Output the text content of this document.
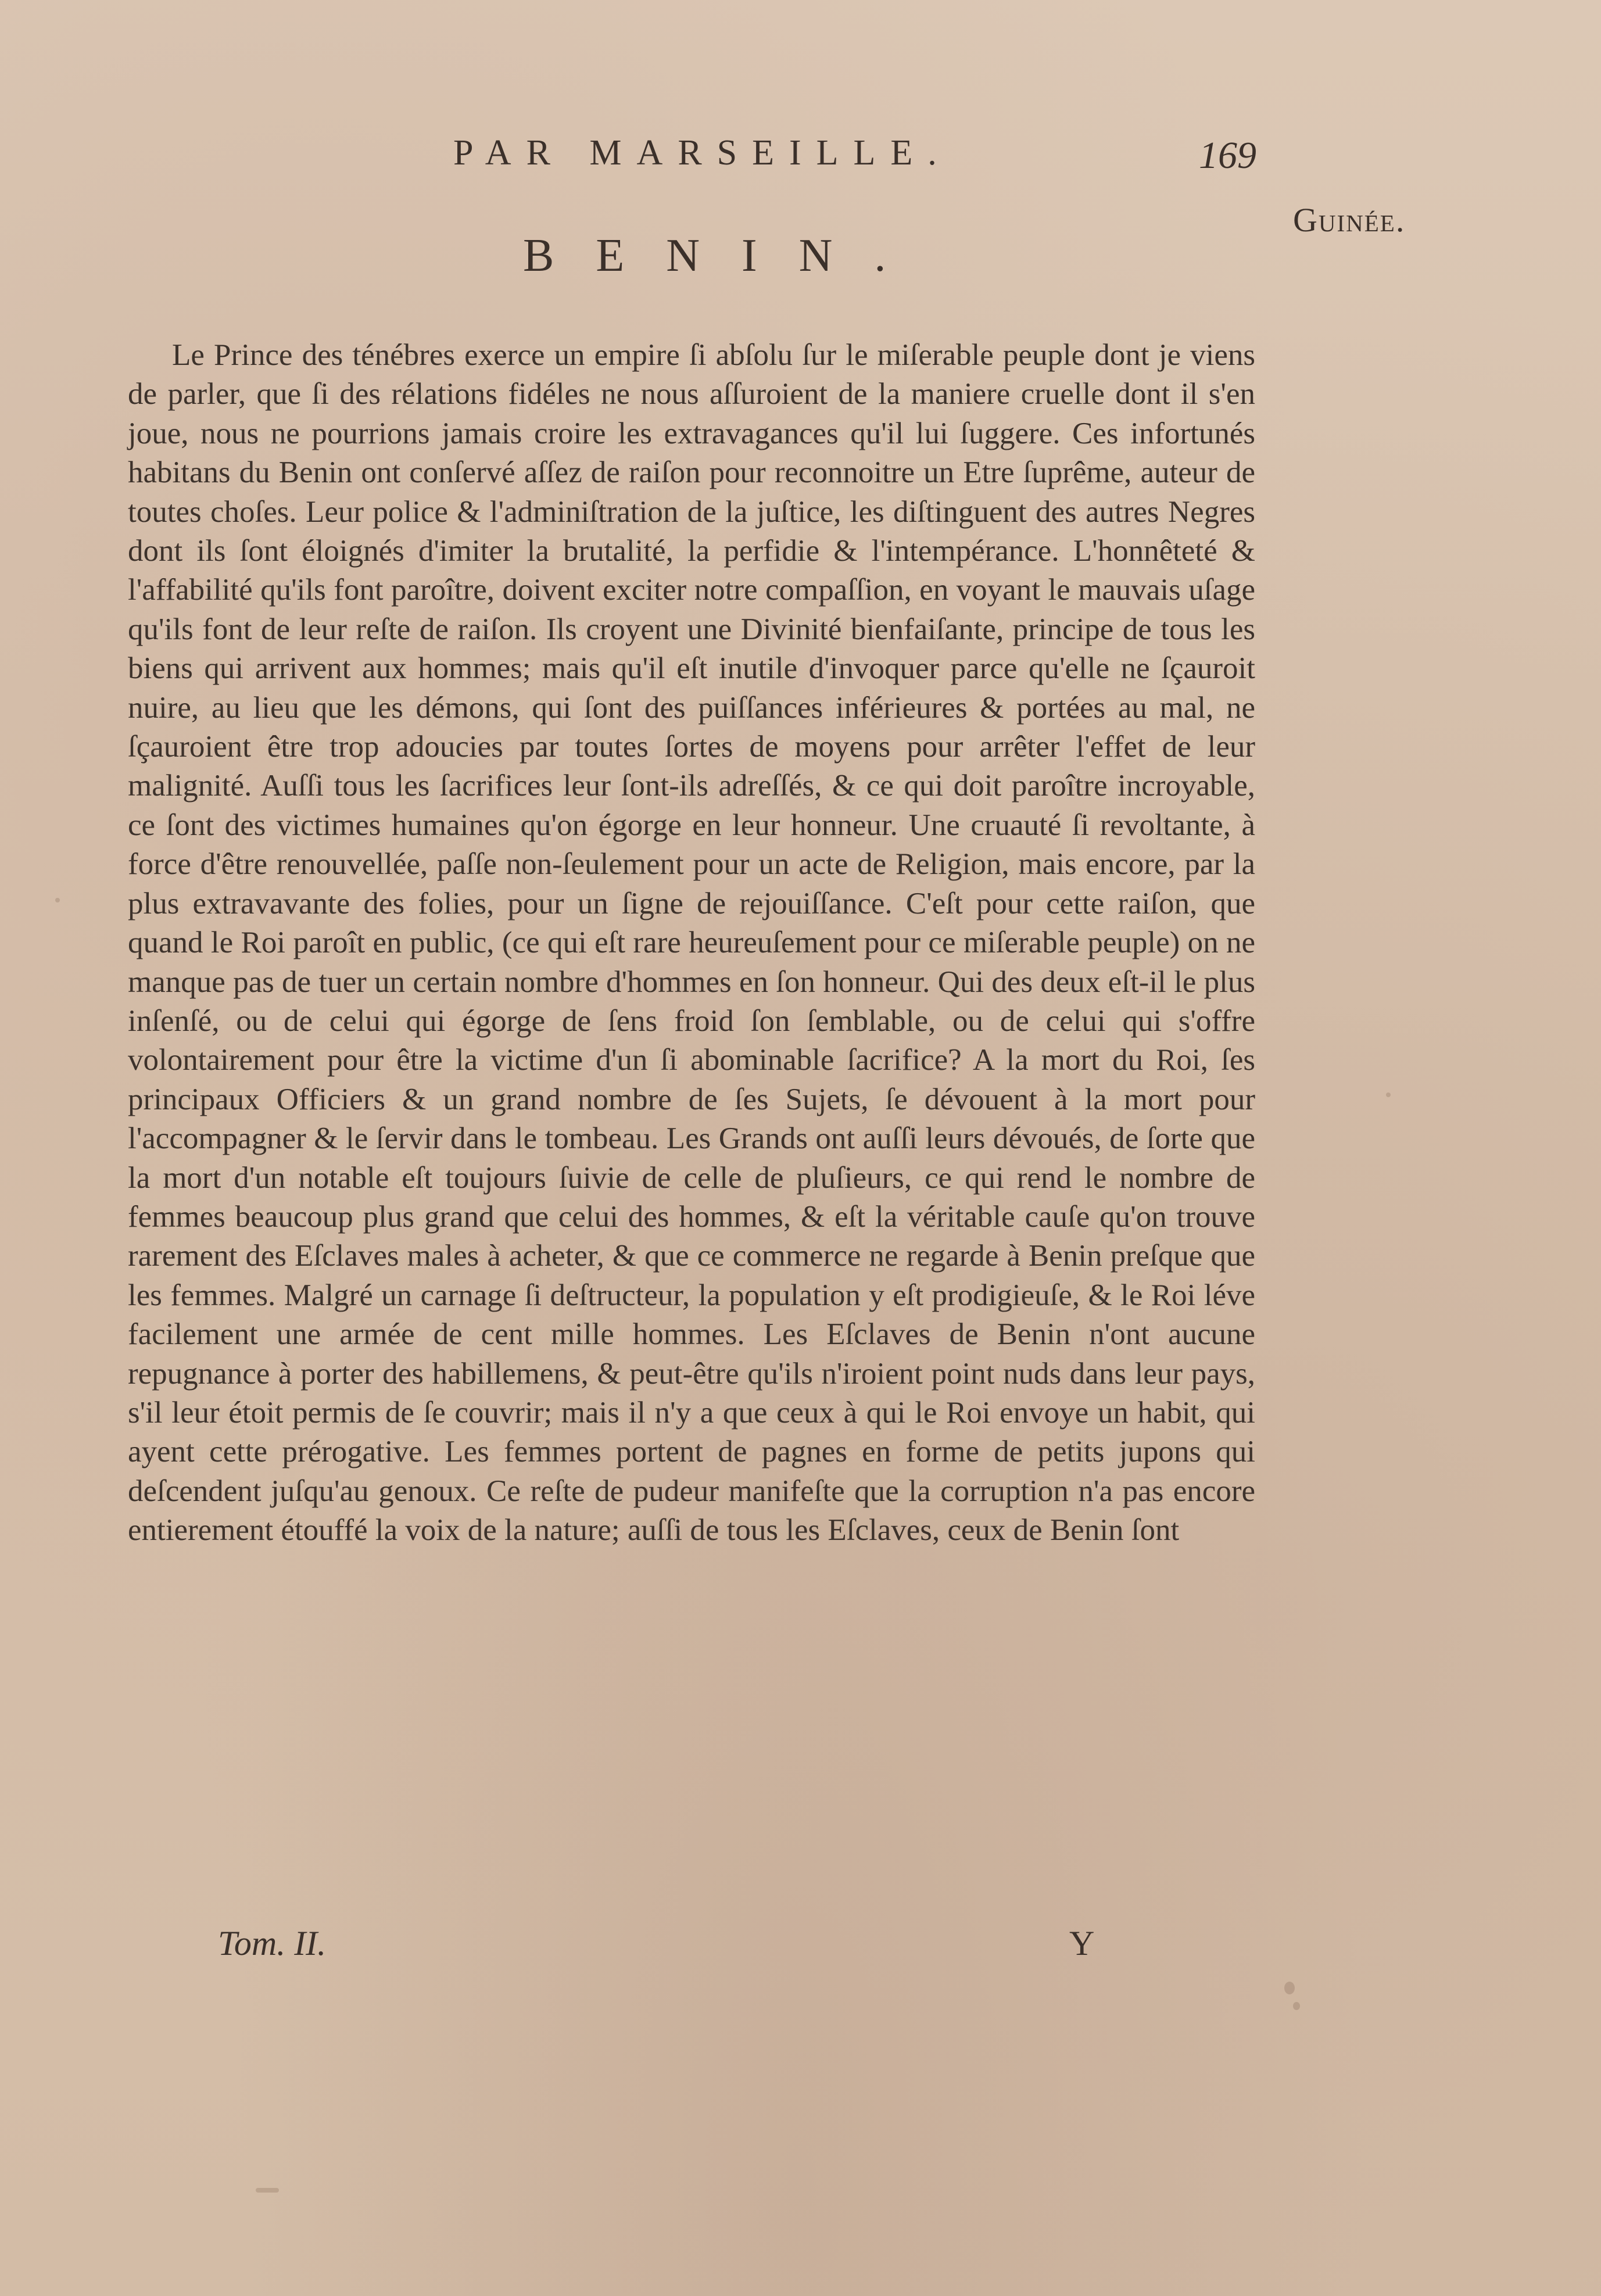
PAR MARSEILLE.	169
Guinée.
BENIN.

Le Prince des ténébres exerce un empire ſi abſolu ſur le miſerable peuple dont je viens de parler, que ſi des rélations fidéles ne nous aſſuroient de la maniere cruelle dont il s'en joue, nous ne pourrions jamais croire les extravagances qu'il lui ſuggere. Ces infortunés habitans du Benin ont conſervé aſſez de raiſon pour reconnoitre un Etre ſuprême, auteur de toutes choſes. Leur police & l'adminiſtration de la juſtice, les diſtinguent des autres Negres dont ils ſont éloignés d'imiter la brutalité, la perfidie & l'intempérance. L'honnêteté & l'affabilité qu'ils font paroître, doivent exciter notre compaſſion, en voyant le mauvais uſage qu'ils font de leur reſte de raiſon. Ils croyent une Divinité bienfaiſante, principe de tous les biens qui arrivent aux hommes; mais qu'il eſt inutile d'invoquer parce qu'elle ne ſçauroit nuire, au lieu que les démons, qui ſont des puiſſances inférieures & portées au mal, ne ſçauroient être trop adoucies par toutes ſortes de moyens pour arrêter l'effet de leur malignité. Auſſi tous les ſacrifices leur ſont-ils adreſſés, & ce qui doit paroître incroyable, ce ſont des victimes humaines qu'on égorge en leur honneur. Une cruauté ſi revoltante, à force d'être renouvellée, paſſe non-ſeulement pour un acte de Religion, mais encore, par la plus extravavante des folies, pour un ſigne de rejouiſſance. C'eſt pour cette raiſon, que quand le Roi paroît en public, (ce qui eſt rare heureuſement pour ce miſerable peuple) on ne manque pas de tuer un certain nombre d'hommes en ſon honneur. Qui des deux eſt-il le plus inſenſé, ou de celui qui égorge de ſens froid ſon ſemblable, ou de celui qui s'offre volontairement pour être la victime d'un ſi abominable ſacrifice? A la mort du Roi, ſes principaux Officiers & un grand nombre de ſes Sujets, ſe dévouent à la mort pour l'accompagner & le ſervir dans le tombeau. Les Grands ont auſſi leurs dévoués, de ſorte que la mort d'un notable eſt toujours ſuivie de celle de pluſieurs, ce qui rend le nombre de femmes beaucoup plus grand que celui des hommes, & eſt la véritable cauſe qu'on trouve rarement des Eſclaves males à acheter, & que ce commerce ne regarde à Benin preſque que les femmes. Malgré un carnage ſi deſtructeur, la population y eſt prodigieuſe, & le Roi léve facilement une armée de cent mille hommes. Les Eſclaves de Benin n'ont aucune repugnance à porter des habillemens, & peut-être qu'ils n'iroient point nuds dans leur pays, s'il leur étoit permis de ſe couvrir; mais il n'y a que ceux à qui le Roi envoye un habit, qui ayent cette prérogative. Les femmes portent de pagnes en forme de petits jupons qui deſcendent juſqu'au genoux. Ce reſte de pudeur manifeſte que la corruption n'a pas encore entierement étouffé la voix de la nature; auſſi de tous les Eſclaves, ceux de Benin ſont

Tom. II.	Y
